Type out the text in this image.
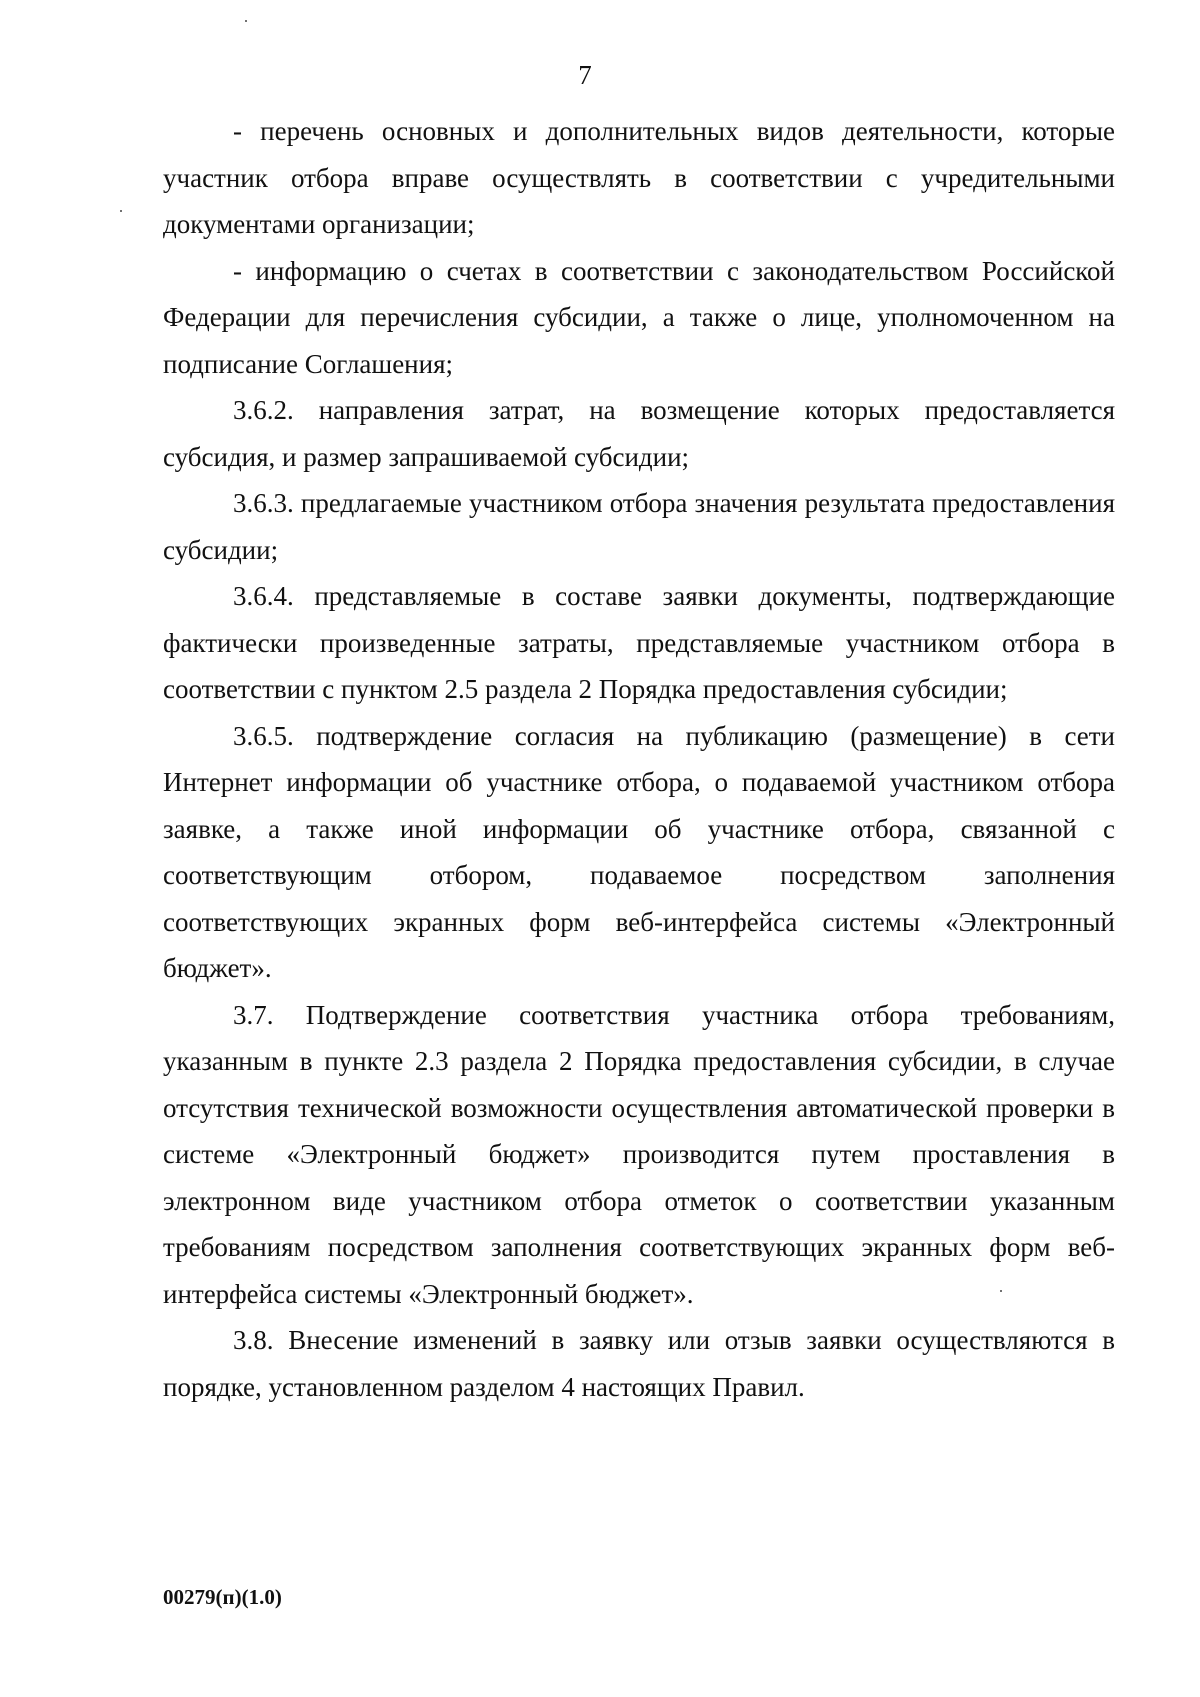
7

- перечень основных и дополнительных видов деятельности, которые участник отбора вправе осуществлять в соответствии с учредительными документами организации;

- информацию о счетах в соответствии с законодательством Российской Федерации для перечисления субсидии, а также о лице, уполномоченном на подписание Соглашения;

3.6.2. направления затрат, на возмещение которых предоставляется субсидия, и размер запрашиваемой субсидии;

3.6.3. предлагаемые участником отбора значения результата предоставления субсидии;

3.6.4. представляемые в составе заявки документы, подтверждающие фактически произведенные затраты, представляемые участником отбора в соответствии с пунктом 2.5 раздела 2 Порядка предоставления субсидии;

3.6.5. подтверждение согласия на публикацию (размещение) в сети Интернет информации об участнике отбора, о подаваемой участником отбора заявке, а также иной информации об участнике отбора, связанной с соответствующим отбором, подаваемое посредством заполнения соответствующих экранных форм веб-интерфейса системы «Электронный бюджет».

3.7. Подтверждение соответствия участника отбора требованиям, указанным в пункте 2.3 раздела 2 Порядка предоставления субсидии, в случае отсутствия технической возможности осуществления автоматической проверки в системе «Электронный бюджет» производится путем проставления в электронном виде участником отбора отметок о соответствии указанным требованиям посредством заполнения соответствующих экранных форм веб-интерфейса системы «Электронный бюджет».

3.8. Внесение изменений в заявку или отзыв заявки осуществляются в порядке, установленном разделом 4 настоящих Правил.

00279(п)(1.0)
